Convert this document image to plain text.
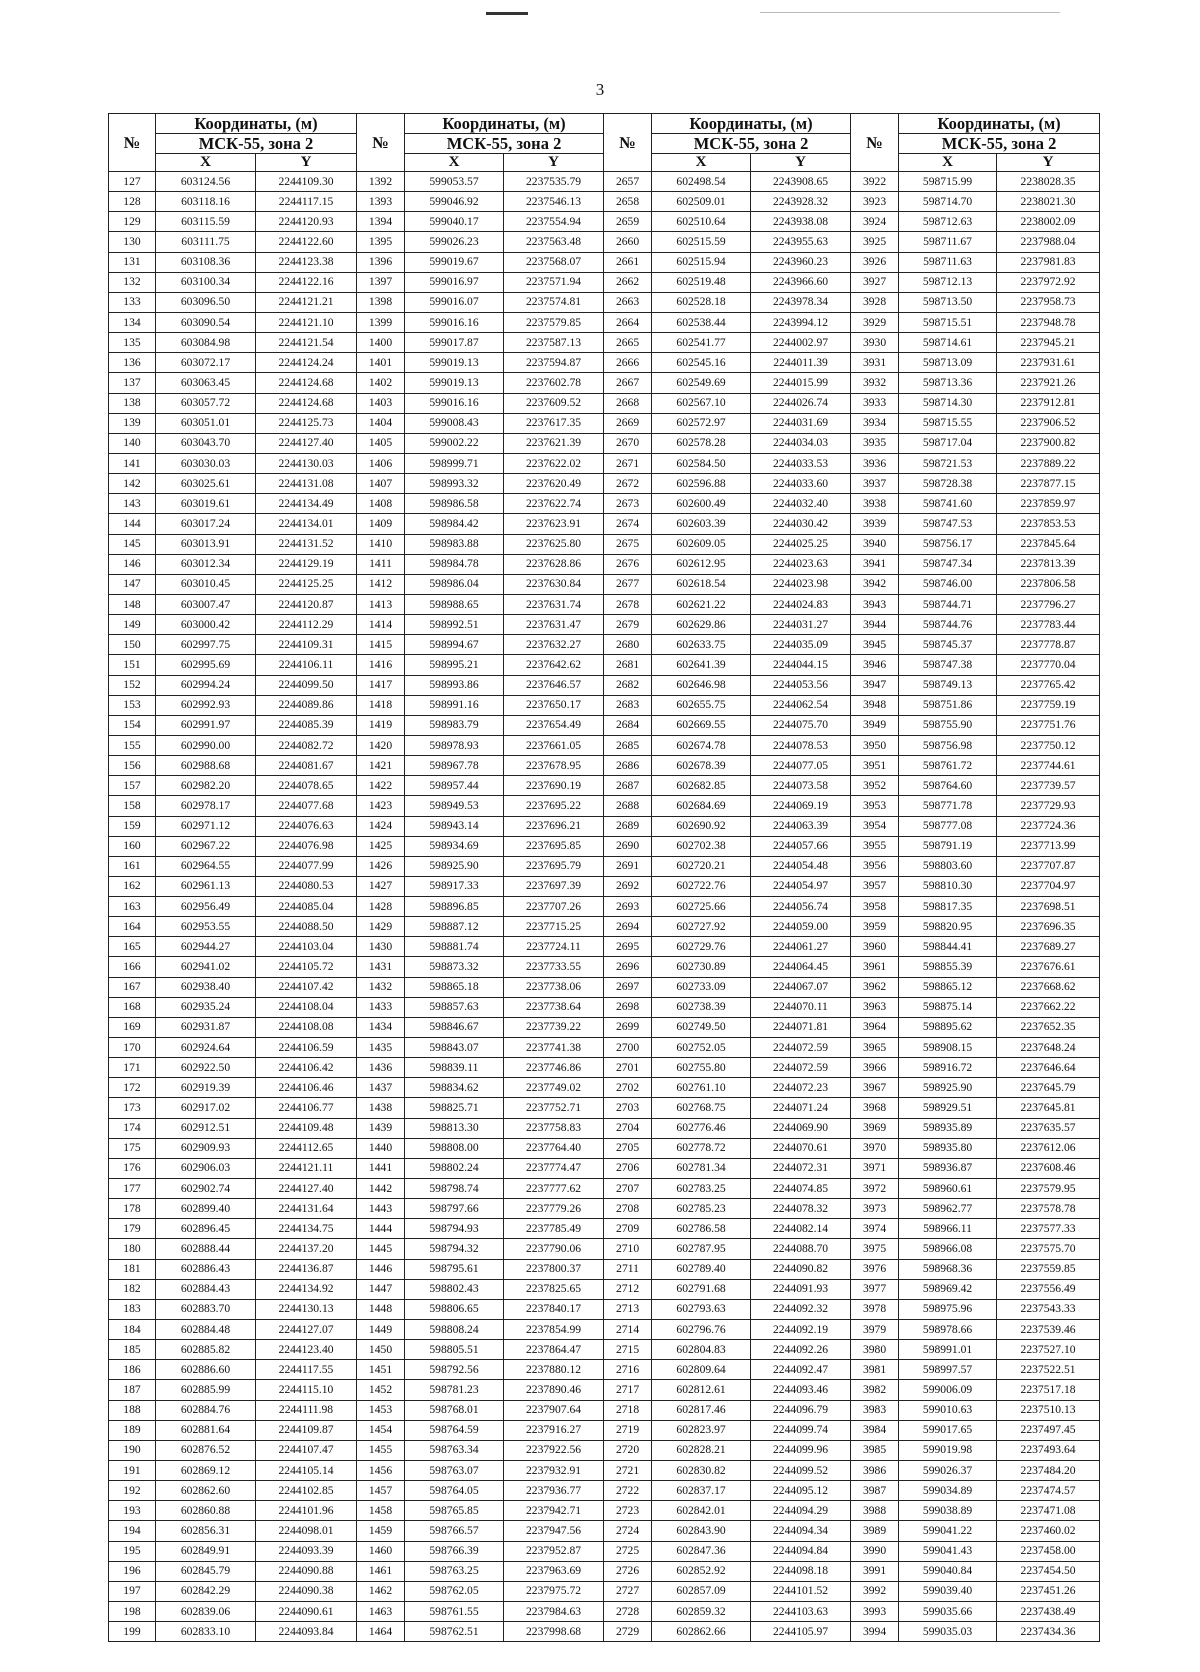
3
№	Координаты, (м)		№	Координаты, (м)		№	Координаты, (м)		№	Координаты, (м)	
	МСК-55, зона 2			МСК-55, зона 2			МСК-55, зона 2			МСК-55, зона 2	
	X	Y		X	Y		X	Y		X	Y
127	603124.56	2244109.30	1392	599053.57	2237535.79	2657	602498.54	2243908.65	3922	598715.99	2238028.35
128	603118.16	2244117.15	1393	599046.92	2237546.13	2658	602509.01	2243928.32	3923	598714.70	2238021.30
129	603115.59	2244120.93	1394	599040.17	2237554.94	2659	602510.64	2243938.08	3924	598712.63	2238002.09
130	603111.75	2244122.60	1395	599026.23	2237563.48	2660	602515.59	2243955.63	3925	598711.67	2237988.04
131	603108.36	2244123.38	1396	599019.67	2237568.07	2661	602515.94	2243960.23	3926	598711.63	2237981.83
132	603100.34	2244122.16	1397	599016.97	2237571.94	2662	602519.48	2243966.60	3927	598712.13	2237972.92
133	603096.50	2244121.21	1398	599016.07	2237574.81	2663	602528.18	2243978.34	3928	598713.50	2237958.73
134	603090.54	2244121.10	1399	599016.16	2237579.85	2664	602538.44	2243994.12	3929	598715.51	2237948.78
135	603084.98	2244121.54	1400	599017.87	2237587.13	2665	602541.77	2244002.97	3930	598714.61	2237945.21
136	603072.17	2244124.24	1401	599019.13	2237594.87	2666	602545.16	2244011.39	3931	598713.09	2237931.61
137	603063.45	2244124.68	1402	599019.13	2237602.78	2667	602549.69	2244015.99	3932	598713.36	2237921.26
138	603057.72	2244124.68	1403	599016.16	2237609.52	2668	602567.10	2244026.74	3933	598714.30	2237912.81
139	603051.01	2244125.73	1404	599008.43	2237617.35	2669	602572.97	2244031.69	3934	598715.55	2237906.52
140	603043.70	2244127.40	1405	599002.22	2237621.39	2670	602578.28	2244034.03	3935	598717.04	2237900.82
141	603030.03	2244130.03	1406	598999.71	2237622.02	2671	602584.50	2244033.53	3936	598721.53	2237889.22
142	603025.61	2244131.08	1407	598993.32	2237620.49	2672	602596.88	2244033.60	3937	598728.38	2237877.15
143	603019.61	2244134.49	1408	598986.58	2237622.74	2673	602600.49	2244032.40	3938	598741.60	2237859.97
144	603017.24	2244134.01	1409	598984.42	2237623.91	2674	602603.39	2244030.42	3939	598747.53	2237853.53
145	603013.91	2244131.52	1410	598983.88	2237625.80	2675	602609.05	2244025.25	3940	598756.17	2237845.64
146	603012.34	2244129.19	1411	598984.78	2237628.86	2676	602612.95	2244023.63	3941	598747.34	2237813.39
147	603010.45	2244125.25	1412	598986.04	2237630.84	2677	602618.54	2244023.98	3942	598746.00	2237806.58
148	603007.47	2244120.87	1413	598988.65	2237631.74	2678	602621.22	2244024.83	3943	598744.71	2237796.27
149	603000.42	2244112.29	1414	598992.51	2237631.47	2679	602629.86	2244031.27	3944	598744.76	2237783.44
150	602997.75	2244109.31	1415	598994.67	2237632.27	2680	602633.75	2244035.09	3945	598745.37	2237778.87
151	602995.69	2244106.11	1416	598995.21	2237642.62	2681	602641.39	2244044.15	3946	598747.38	2237770.04
152	602994.24	2244099.50	1417	598993.86	2237646.57	2682	602646.98	2244053.56	3947	598749.13	2237765.42
153	602992.93	2244089.86	1418	598991.16	2237650.17	2683	602655.75	2244062.54	3948	598751.86	2237759.19
154	602991.97	2244085.39	1419	598983.79	2237654.49	2684	602669.55	2244075.70	3949	598755.90	2237751.76
155	602990.00	2244082.72	1420	598978.93	2237661.05	2685	602674.78	2244078.53	3950	598756.98	2237750.12
156	602988.68	2244081.67	1421	598967.78	2237678.95	2686	602678.39	2244077.05	3951	598761.72	2237744.61
157	602982.20	2244078.65	1422	598957.44	2237690.19	2687	602682.85	2244073.58	3952	598764.60	2237739.57
158	602978.17	2244077.68	1423	598949.53	2237695.22	2688	602684.69	2244069.19	3953	598771.78	2237729.93
159	602971.12	2244076.63	1424	598943.14	2237696.21	2689	602690.92	2244063.39	3954	598777.08	2237724.36
160	602967.22	2244076.98	1425	598934.69	2237695.85	2690	602702.38	2244057.66	3955	598791.19	2237713.99
161	602964.55	2244077.99	1426	598925.90	2237695.79	2691	602720.21	2244054.48	3956	598803.60	2237707.87
162	602961.13	2244080.53	1427	598917.33	2237697.39	2692	602722.76	2244054.97	3957	598810.30	2237704.97
163	602956.49	2244085.04	1428	598896.85	2237707.26	2693	602725.66	2244056.74	3958	598817.35	2237698.51
164	602953.55	2244088.50	1429	598887.12	2237715.25	2694	602727.92	2244059.00	3959	598820.95	2237696.35
165	602944.27	2244103.04	1430	598881.74	2237724.11	2695	602729.76	2244061.27	3960	598844.41	2237689.27
166	602941.02	2244105.72	1431	598873.32	2237733.55	2696	602730.89	2244064.45	3961	598855.39	2237676.61
167	602938.40	2244107.42	1432	598865.18	2237738.06	2697	602733.09	2244067.07	3962	598865.12	2237668.62
168	602935.24	2244108.04	1433	598857.63	2237738.64	2698	602738.39	2244070.11	3963	598875.14	2237662.22
169	602931.87	2244108.08	1434	598846.67	2237739.22	2699	602749.50	2244071.81	3964	598895.62	2237652.35
170	602924.64	2244106.59	1435	598843.07	2237741.38	2700	602752.05	2244072.59	3965	598908.15	2237648.24
171	602922.50	2244106.42	1436	598839.11	2237746.86	2701	602755.80	2244072.59	3966	598916.72	2237646.64
172	602919.39	2244106.46	1437	598834.62	2237749.02	2702	602761.10	2244072.23	3967	598925.90	2237645.79
173	602917.02	2244106.77	1438	598825.71	2237752.71	2703	602768.75	2244071.24	3968	598929.51	2237645.81
174	602912.51	2244109.48	1439	598813.30	2237758.83	2704	602776.46	2244069.90	3969	598935.89	2237635.57
175	602909.93	2244112.65	1440	598808.00	2237764.40	2705	602778.72	2244070.61	3970	598935.80	2237612.06
176	602906.03	2244121.11	1441	598802.24	2237774.47	2706	602781.34	2244072.31	3971	598936.87	2237608.46
177	602902.74	2244127.40	1442	598798.74	2237777.62	2707	602783.25	2244074.85	3972	598960.61	2237579.95
178	602899.40	2244131.64	1443	598797.66	2237779.26	2708	602785.23	2244078.32	3973	598962.77	2237578.78
179	602896.45	2244134.75	1444	598794.93	2237785.49	2709	602786.58	2244082.14	3974	598966.11	2237577.33
180	602888.44	2244137.20	1445	598794.32	2237790.06	2710	602787.95	2244088.70	3975	598966.08	2237575.70
181	602886.43	2244136.87	1446	598795.61	2237800.37	2711	602789.40	2244090.82	3976	598968.36	2237559.85
182	602884.43	2244134.92	1447	598802.43	2237825.65	2712	602791.68	2244091.93	3977	598969.42	2237556.49
183	602883.70	2244130.13	1448	598806.65	2237840.17	2713	602793.63	2244092.32	3978	598975.96	2237543.33
184	602884.48	2244127.07	1449	598808.24	2237854.99	2714	602796.76	2244092.19	3979	598978.66	2237539.46
185	602885.82	2244123.40	1450	598805.51	2237864.47	2715	602804.83	2244092.26	3980	598991.01	2237527.10
186	602886.60	2244117.55	1451	598792.56	2237880.12	2716	602809.64	2244092.47	3981	598997.57	2237522.51
187	602885.99	2244115.10	1452	598781.23	2237890.46	2717	602812.61	2244093.46	3982	599006.09	2237517.18
188	602884.76	2244111.98	1453	598768.01	2237907.64	2718	602817.46	2244096.79	3983	599010.63	2237510.13
189	602881.64	2244109.87	1454	598764.59	2237916.27	2719	602823.97	2244099.74	3984	599017.65	2237497.45
190	602876.52	2244107.47	1455	598763.34	2237922.56	2720	602828.21	2244099.96	3985	599019.98	2237493.64
191	602869.12	2244105.14	1456	598763.07	2237932.91	2721	602830.82	2244099.52	3986	599026.37	2237484.20
192	602862.60	2244102.85	1457	598764.05	2237936.77	2722	602837.17	2244095.12	3987	599034.89	2237474.57
193	602860.88	2244101.96	1458	598765.85	2237942.71	2723	602842.01	2244094.29	3988	599038.89	2237471.08
194	602856.31	2244098.01	1459	598766.57	2237947.56	2724	602843.90	2244094.34	3989	599041.22	2237460.02
195	602849.91	2244093.39	1460	598766.39	2237952.87	2725	602847.36	2244094.84	3990	599041.43	2237458.00
196	602845.79	2244090.88	1461	598763.25	2237963.69	2726	602852.92	2244098.18	3991	599040.84	2237454.50
197	602842.29	2244090.38	1462	598762.05	2237975.72	2727	602857.09	2244101.52	3992	599039.40	2237451.26
198	602839.06	2244090.61	1463	598761.55	2237984.63	2728	602859.32	2244103.63	3993	599035.66	2237438.49
199	602833.10	2244093.84	1464	598762.51	2237998.68	2729	602862.66	2244105.97	3994	599035.03	2237434.36
